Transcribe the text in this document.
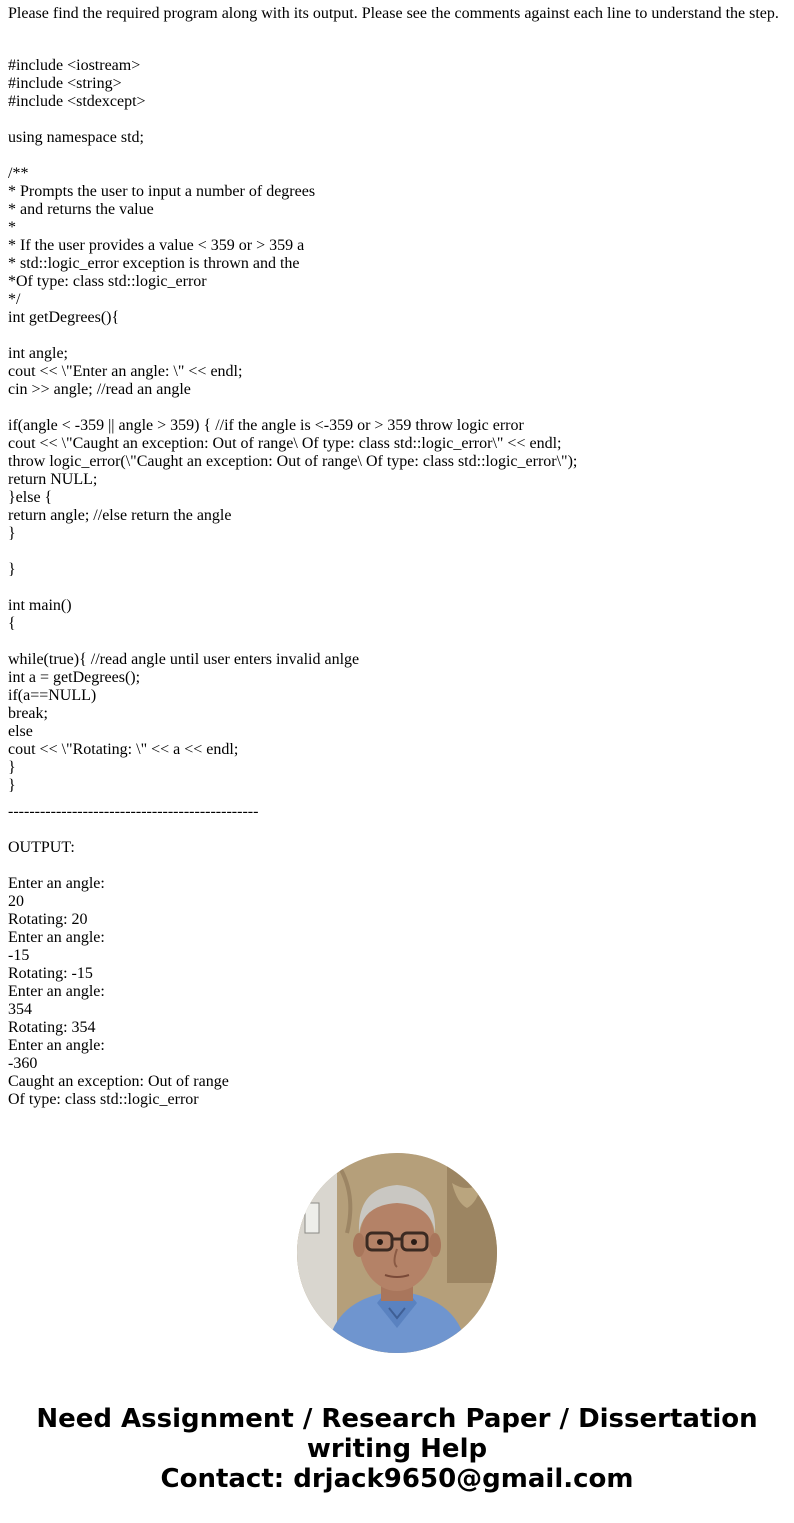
Please find the required program along with its output. Please see the comments against each line to understand the step.
#include <iostream>
#include <string>
#include <stdexcept>
using namespace std;
/**
* Prompts the user to input a number of degrees
* and returns the value
*
* If the user provides a value < 359 or > 359 a
* std::logic_error exception is thrown and the
*Of type: class std::logic_error
*/
int getDegrees(){
int angle;
cout << \"Enter an angle: \" << endl;
cin >> angle; //read an angle
if(angle < -359 || angle > 359) { //if the angle is <-359 or > 359 throw logic error
cout << \"Caught an exception: Out of range\ Of type: class std::logic_error\" << endl;
throw logic_error(\"Caught an exception: Out of range\ Of type: class std::logic_error\");
return NULL;
}else {
return angle; //else return the angle
}
}
int main()
{
while(true){ //read angle until user enters invalid anlge
int a = getDegrees();
if(a==NULL)
break;
else
cout << \"Rotating: \" << a << endl;
}
}
-----------------------------------------------
OUTPUT:
Enter an angle:
20
Rotating: 20
Enter an angle:
-15
Rotating: -15
Enter an angle:
354
Rotating: 354
Enter an angle:
-360
Caught an exception: Out of range
Of type: class std::logic_error
Need Assignment / Research Paper / Dissertation
writing Help
Contact: drjack9650@gmail.com
